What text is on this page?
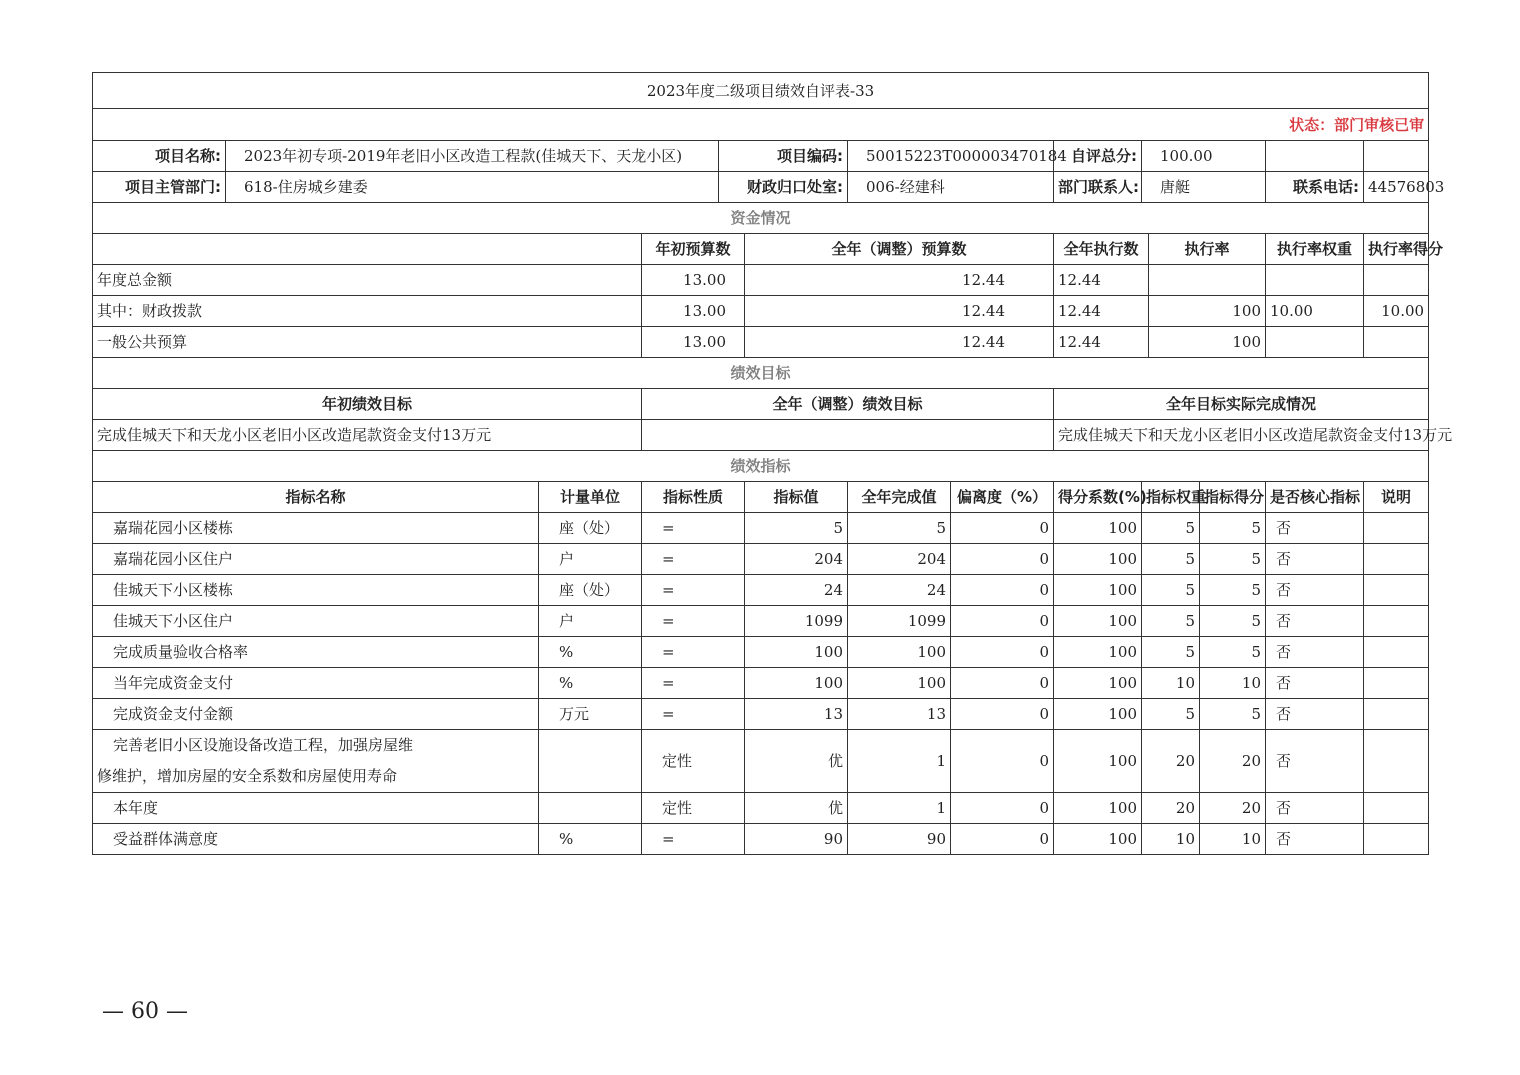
2023年度二级项目绩效自评表-33													
状态：部门审核已审													
项目名称:	2023年初专项-2019年老旧小区改造工程款(佳城天下、天龙小区)			项目编码:		50015223T000003470184		自评总分:	100.00				
项目主管部门:	618-住房城乡建委			财政归口处室:		006-经建科		部门联系人:	唐艇			联系电话:	44576803
资金情况													
			年初预算数		全年（调整）预算数			全年执行数		执行率		执行率权重	执行率得分
年度总金额			13.00		12.44			12.44					
其中：财政拨款			13.00		12.44			12.44		100		10.00	10.00
一般公共预算			13.00		12.44			12.44		100			
绩效目标													
年初绩效目标			全年（调整）绩效目标					全年目标实际完成情况					
完成佳城天下和天龙小区老旧小区改造尾款资金支付13万元								完成佳城天下和天龙小区老旧小区改造尾款资金支付13万元					
绩效指标													
指标名称		计量单位	指标性质		指标值	全年完成值	偏离度（%）	得分系数(%)	指标权重		指标得分	是否核心指标	说明
嘉瑞花园小区楼栋		座（处）	=		5	5	0	100	5		5	否	
嘉瑞花园小区住户		户	=		204	204	0	100	5		5	否	
佳城天下小区楼栋		座（处）	=		24	24	0	100	5		5	否	
佳城天下小区住户		户	=		1099	1099	0	100	5		5	否	
完成质量验收合格率		%	=		100	100	0	100	5		5	否	
当年完成资金支付		%	=		100	100	0	100	10		10	否	
完成资金支付金额		万元	=		13	13	0	100	5		5	否	

完善老旧小区设施设备改造工程，加强房屋维
修维护，增加房屋的安全系数和房屋使用寿命			定性		优	1	0	100	20		20	否	
本年度			定性		优	1	0	100	20		20	否	
受益群体满意度		%	=		90	90	0	100	10		10	否	
— 60 —
